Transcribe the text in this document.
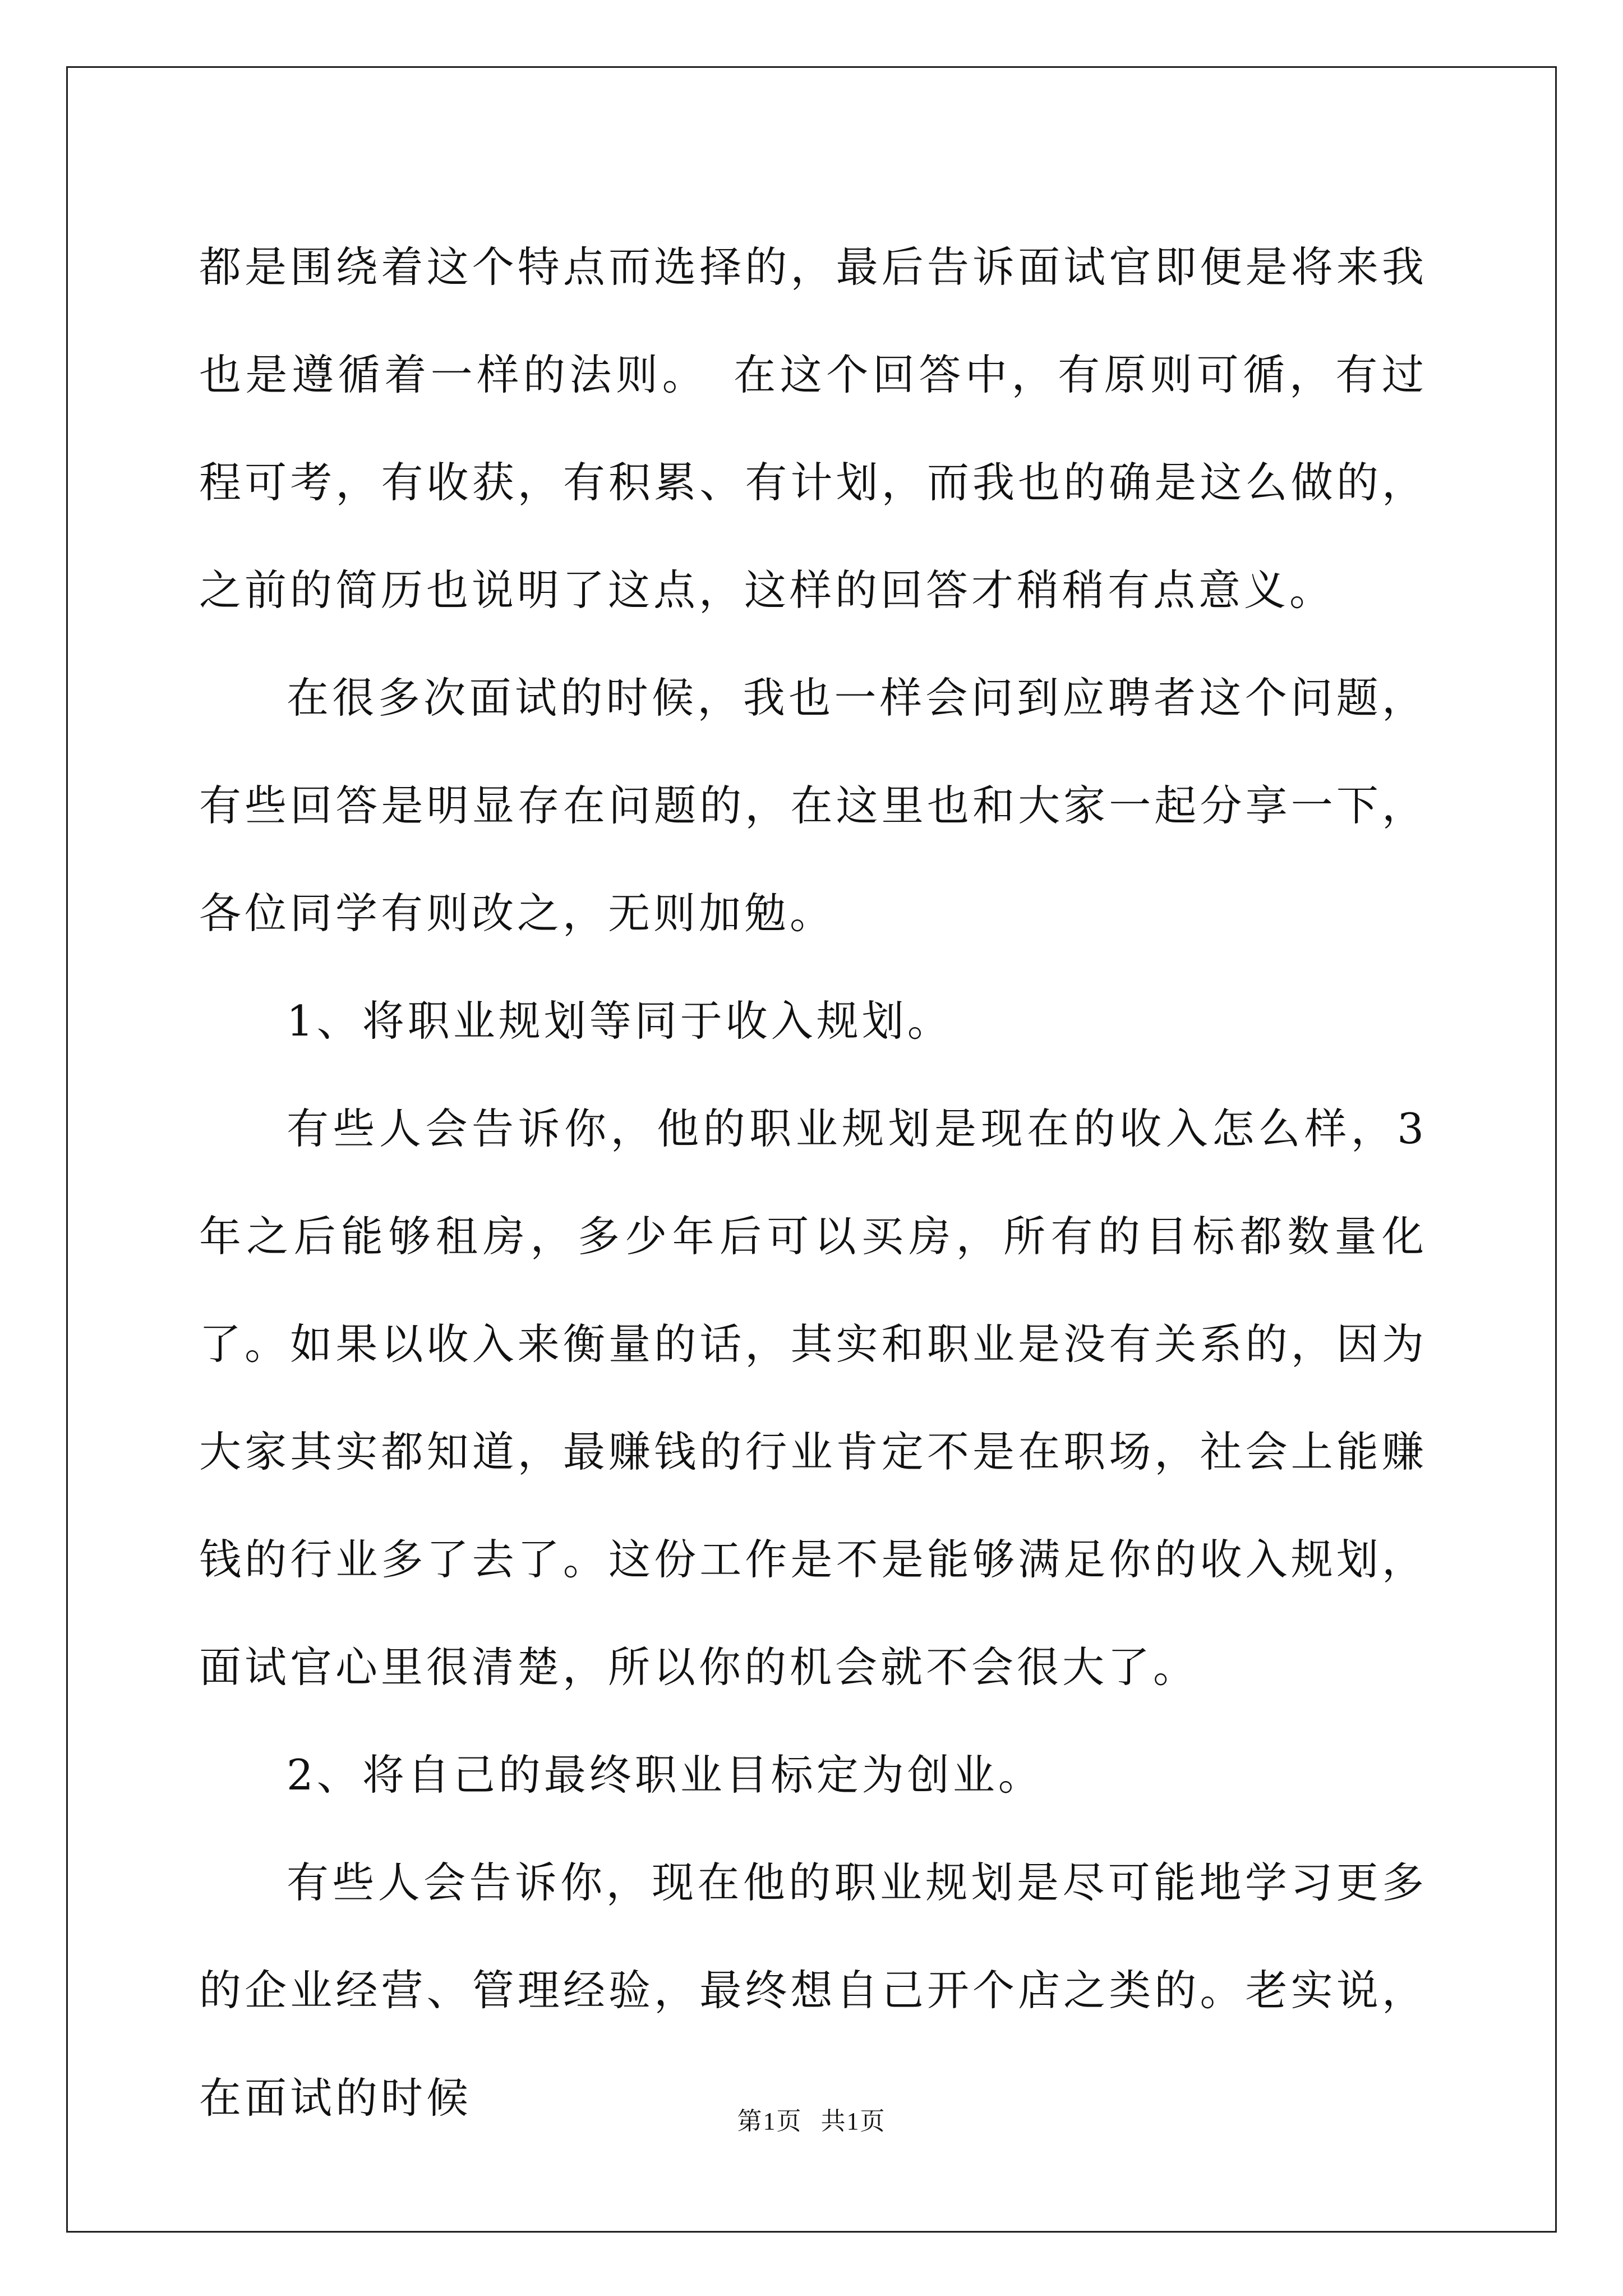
都是围绕着这个特点而选择的，最后告诉面试官即便是将来我也是遵循着一样的法则。　在这个回答中，有原则可循，有过程可考，有收获，有积累、有计划，而我也的确是这么做的，之前的简历也说明了这点，这样的回答才稍稍有点意义。

在很多次面试的时候，我也一样会问到应聘者这个问题，有些回答是明显存在问题的，在这里也和大家一起分享一下，各位同学有则改之，无则加勉。

1、将职业规划等同于收入规划。

有些人会告诉你，他的职业规划是现在的收入怎么样，3年之后能够租房，多少年后可以买房，所有的目标都数量化了。如果以收入来衡量的话，其实和职业是没有关系的，因为大家其实都知道，最赚钱的行业肯定不是在职场，社会上能赚钱的行业多了去了。这份工作是不是能够满足你的收入规划，面试官心里很清楚，所以你的机会就不会很大了。

2、将自己的最终职业目标定为创业。

有些人会告诉你，现在他的职业规划是尽可能地学习更多的企业经营、管理经验，最终想自己开个店之类的。老实说，在面试的时候	第1页 共1页
